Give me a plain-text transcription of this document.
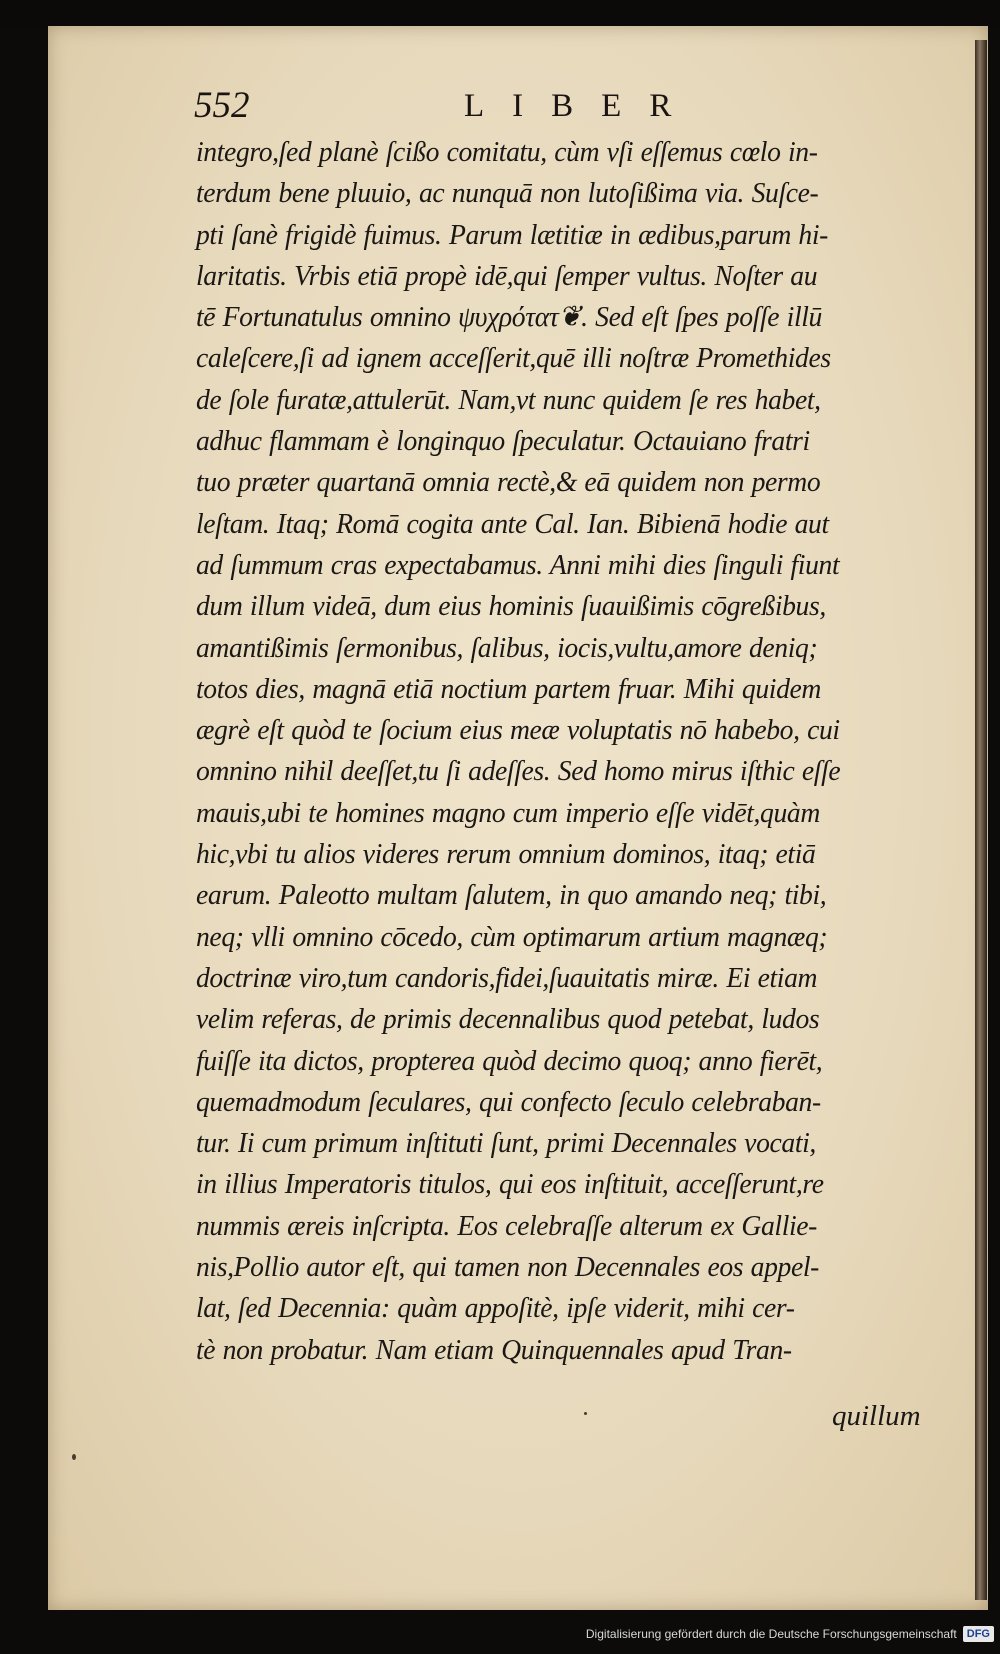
552	LIBER
integro,ſed planè ſcißo comitatu, cùm vſi eſſemus cœlo in-
terdum bene pluuio, ac nunquā non lutoſißima via. Suſce-
pti ſanè frigidè fuimus. Parum lætitiæ in ædibus,parum hi-
laritatis. Vrbis etiā propè idē,qui ſemper vultus. Noſter au
tē Fortunatulus omnino ψυχρότατ❦. Sed eſt ſpes poſſe illū
caleſcere,ſi ad ignem acceſſerit,quē illi noſtræ Promethides
de ſole furatæ,attulerūt. Nam,vt nunc quidem ſe res habet,
adhuc flammam è longinquo ſpeculatur. Octauiano fratri
tuo præter quartanā omnia rectè,& eā quidem non permo
leſtam. Itaq; Romā cogita ante Cal. Ian. Bibienā hodie aut
ad ſummum cras expectabamus. Anni mihi dies ſinguli fiunt
dum illum videā, dum eius hominis ſuauißimis cōgreßibus,
amantißimis ſermonibus, ſalibus, iocis,vultu,amore deniq;
totos dies, magnā etiā noctium partem fruar. Mihi quidem
ægrè eſt quòd te ſocium eius meæ voluptatis nō habebo, cui
omnino nihil deeſſet,tu ſi adeſſes. Sed homo mirus iſthic eſſe
mauis,ubi te homines magno cum imperio eſſe vidēt,quàm
hic,vbi tu alios videres rerum omnium dominos, itaq; etiā
earum. Paleotto multam ſalutem, in quo amando neq; tibi,
neq; vlli omnino cōcedo, cùm optimarum artium magnæq;
doctrinæ viro,tum candoris,fidei,ſuauitatis miræ. Ei etiam
velim referas, de primis decennalibus quod petebat, ludos
fuiſſe ita dictos, propterea quòd decimo quoq; anno fierēt,
quemadmodum ſeculares, qui confecto ſeculo celebraban-
tur. Ii cum primum inſtituti ſunt, primi Decennales vocati,
in illius Imperatoris titulos, qui eos inſtituit, acceſſerunt,re
nummis æreis inſcripta. Eos celebraſſe alterum ex Gallie-
nis,Pollio autor eſt, qui tamen non Decennales eos appel-
lat, ſed Decennia: quàm appoſitè, ipſe viderit, mihi cer-
tè non probatur. Nam etiam Quinquennales apud Tran-
quillum
Digitalisierung gefördert durch die Deutsche Forschungsgemeinschaft DFG
